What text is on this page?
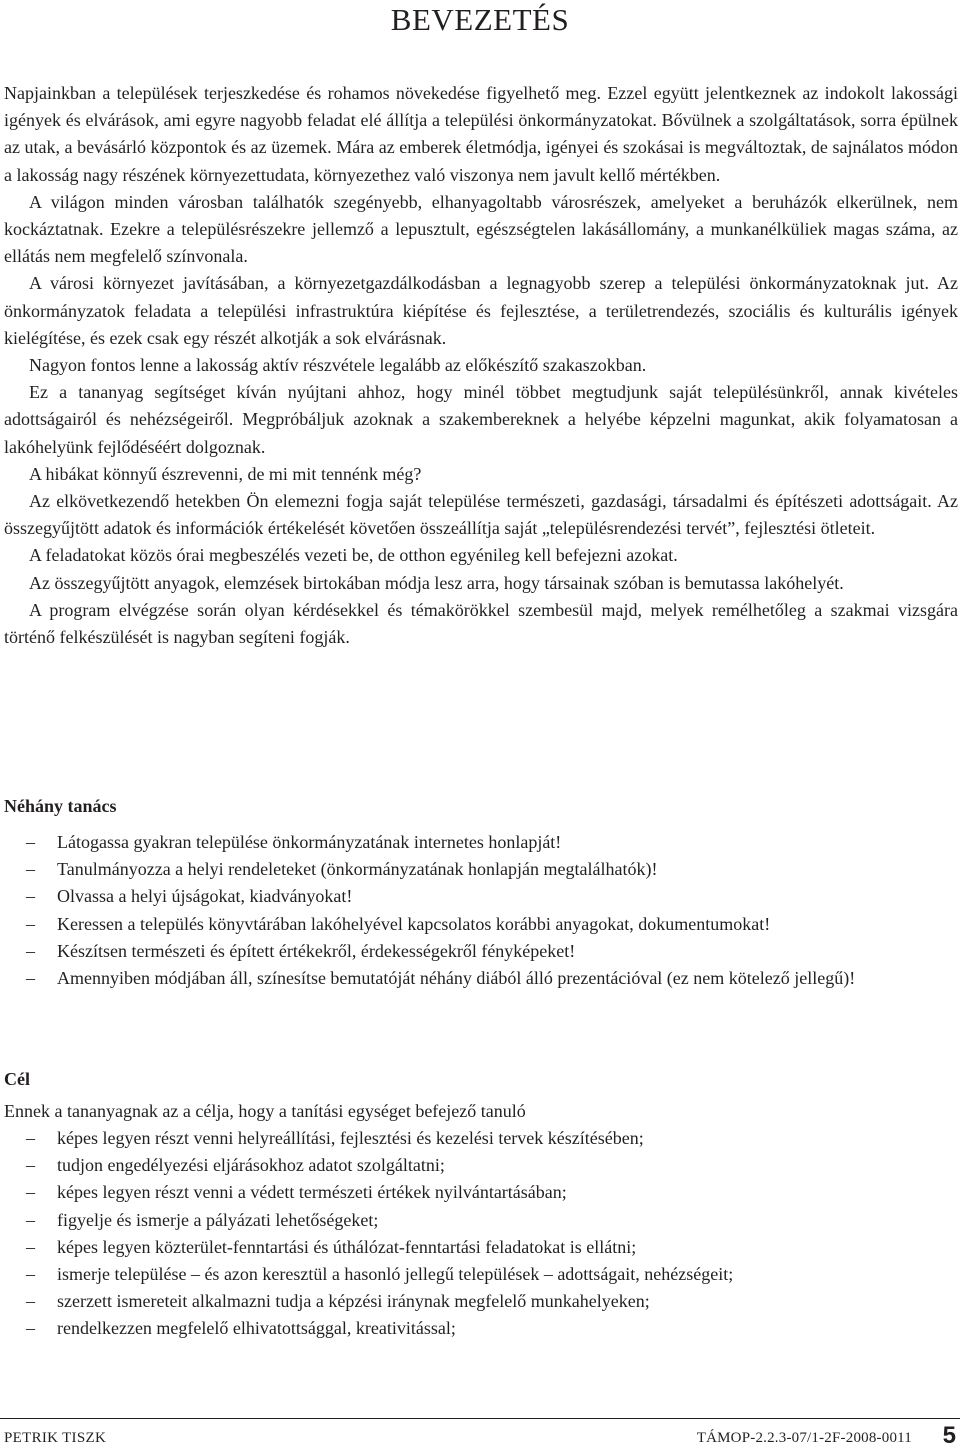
BEVEZETÉS

Napjainkban a települések terjeszkedése és rohamos növekedése figyelhető meg. Ezzel együtt jelentkeznek az indokolt lakossági igények és elvárások, ami egyre nagyobb feladat elé állítja a települési önkormányzatokat. Bővülnek a szolgáltatások, sorra épülnek az utak, a bevásárló központok és az üzemek. Mára az emberek életmódja, igényei és szokásai is megváltoztak, de sajnálatos módon a lakosság nagy részének környezettudata, környezethez való viszonya nem javult kellő mértékben.

A világon minden városban találhatók szegényebb, elhanyagoltabb városrészek, amelyeket a beruházók elkerülnek, nem kockáztatnak. Ezekre a településrészekre jellemző a lepusztult, egészségtelen lakásállomány, a munkanélküliek magas száma, az ellátás nem megfelelő színvonala.

A városi környezet javításában, a környezetgazdálkodásban a legnagyobb szerep a települési önkormányzatoknak jut. Az önkormányzatok feladata a települési infrastruktúra kiépítése és fejlesztése, a területrendezés, szociális és kulturális igények kielégítése, és ezek csak egy részét alkotják a sok elvárásnak.

Nagyon fontos lenne a lakosság aktív részvétele legalább az előkészítő szakaszokban.

Ez a tananyag segítséget kíván nyújtani ahhoz, hogy minél többet megtudjunk saját településünkről, annak kivételes adottságairól és nehézségeiről. Megpróbáljuk azoknak a szakembereknek a helyébe képzelni magunkat, akik folyamatosan a lakóhelyünk fejlődéséért dolgoznak.

A hibákat könnyű észrevenni, de mi mit tennénk még?

Az elkövetkezendő hetekben Ön elemezni fogja saját települése természeti, gazdasági, társadalmi és építészeti adottságait. Az összegyűjtött adatok és információk értékelését követően összeállítja saját „településrendezési tervét”, fejlesztési ötleteit.

A feladatokat közös órai megbeszélés vezeti be, de otthon egyénileg kell befejezni azokat.

Az összegyűjtött anyagok, elemzések birtokában módja lesz arra, hogy társainak szóban is bemutassa lakóhelyét.

A program elvégzése során olyan kérdésekkel és témakörökkel szembesül majd, melyek remélhetőleg a szakmai vizsgára történő felkészülését is nagyban segíteni fogják.

Néhány tanács
– Látogassa gyakran települése önkormányzatának internetes honlapját!
– Tanulmányozza a helyi rendeleteket (önkormányzatának honlapján megtalálhatók)!
– Olvassa a helyi újságokat, kiadványokat!
– Keressen a település könyvtárában lakóhelyével kapcsolatos korábbi anyagokat, dokumentumokat!
– Készítsen természeti és épített értékekről, érdekességekről fényképeket!
– Amennyiben módjában áll, színesítse bemutatóját néhány diából álló prezentációval (ez nem kötelező jellegű)!
Cél

Ennek a tananyagnak az a célja, hogy a tanítási egységet befejező tanuló

– képes legyen részt venni helyreállítási, fejlesztési és kezelési tervek készítésében;
– tudjon engedélyezési eljárásokhoz adatot szolgáltatni;
– képes legyen részt venni a védett természeti értékek nyilvántartásában;
– figyelje és ismerje a pályázati lehetőségeket;
– képes legyen közterület-fenntartási és úthálózat-fenntartási feladatokat is ellátni;
– ismerje települése – és azon keresztül a hasonló jellegű települések – adottságait, nehézségeit;
– szerzett ismereteit alkalmazni tudja a képzési iránynak megfelelő munkahelyeken;
– rendelkezzen megfelelő elhivatottsággal, kreativitással;
PETRIK TISZK	TÁMOP-2.2.3-07/1-2F-2008-0011 5
